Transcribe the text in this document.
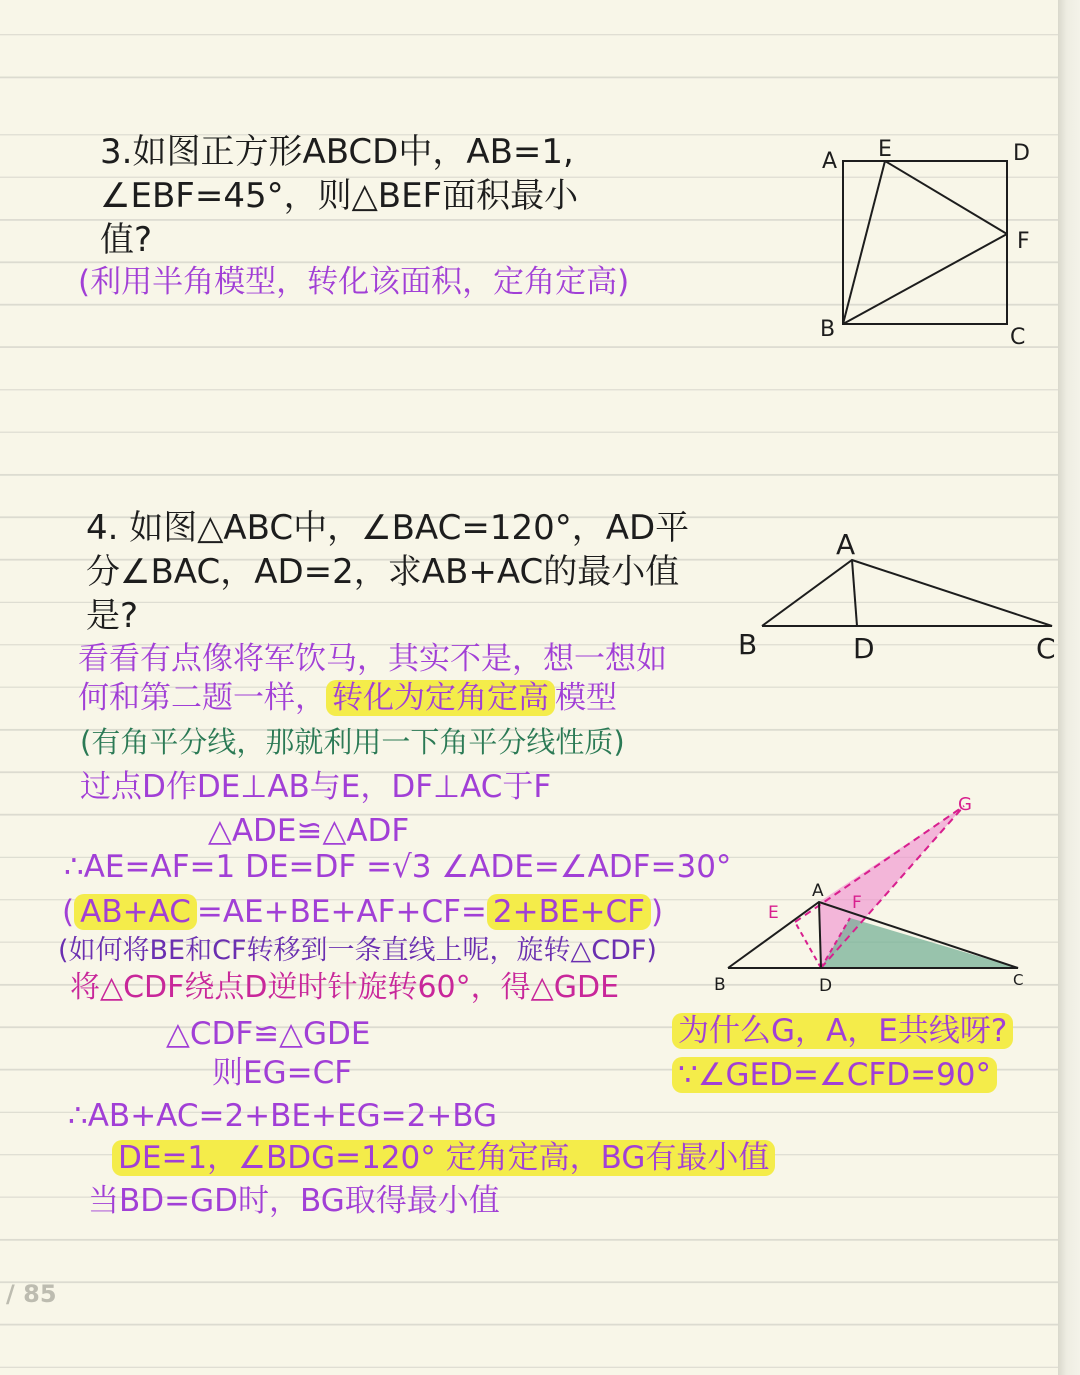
3.如图正方形ABCD中，AB=1,
∠EBF=45°，则△BEF面积最小
值?
(利用半角模型，转化该面积，定角定高)
A E	D
F
B	C
4. 如图△ABC中，∠BAC=120°，AD平
分∠BAC，AD=2，求AB+AC的最小值
是?
A
B	D	C
看看有点像将军饮马，其实不是，想一想如
何和第二题一样， 转化为定角定高 模型
(有角平分线，那就利用一下角平分线性质)
过点D作DE⊥AB与E，DF⊥AC于F
△ADE≌△ADF
∴AE=AF=1 DE=DF =√3 ∠ADE=∠ADF=30°
( AB+AC =AE+BE+AF+CF= 2+BE+CF )
(如何将BE和CF转移到一条直线上呢，旋转△CDF)
将△CDF绕点D逆时针旋转60°，得△GDE
△CDF≌△GDE
则EG=CF
∴AB+AC=2+BE+EG=2+BG
DE=1，∠BDG=120° 定角定高，BG有最小值
当BD=GD时，BG取得最小值
为什么G，A，E共线呀?
∵∠GED=∠CFD=90°
G
A
E	F
B	D	C
/ 85
